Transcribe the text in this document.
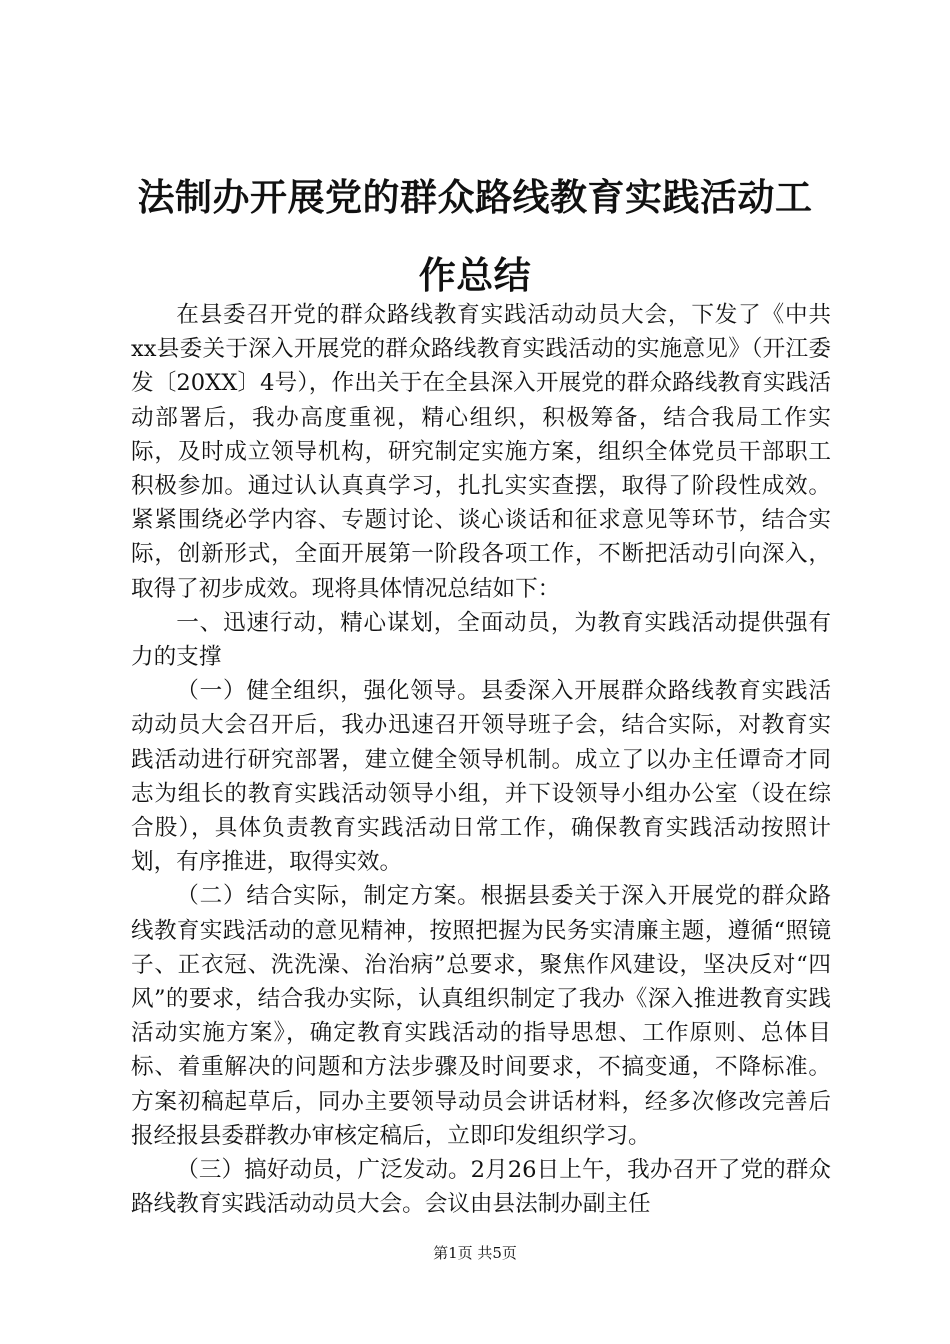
法制办开展党的群众路线教育实践活动工作总结

在县委召开党的群众路线教育实践活动动员大会，下发了《中共xx县委关于深入开展党的群众路线教育实践活动的实施意见》（开江委发〔20XX〕4号），作出关于在全县深入开展党的群众路线教育实践活动部署后，我办高度重视，精心组织，积极筹备，结合我局工作实际，及时成立领导机构，研究制定实施方案，组织全体党员干部职工积极参加。通过认认真真学习，扎扎实实查摆，取得了阶段性成效。紧紧围绕必学内容、专题讨论、谈心谈话和征求意见等环节，结合实际，创新形式，全面开展第一阶段各项工作，不断把活动引向深入，取得了初步成效。现将具体情况总结如下：

一、迅速行动，精心谋划，全面动员，为教育实践活动提供强有力的支撑

（一）健全组织，强化领导。县委深入开展群众路线教育实践活动动员大会召开后，我办迅速召开领导班子会，结合实际，对教育实践活动进行研究部署，建立健全领导机制。成立了以办主任谭奇才同志为组长的教育实践活动领导小组，并下设领导小组办公室（设在综合股），具体负责教育实践活动日常工作，确保教育实践活动按照计划，有序推进，取得实效。

（二）结合实际，制定方案。根据县委关于深入开展党的群众路线教育实践活动的意见精神，按照把握为民务实清廉主题，遵循“照镜子、正衣冠、洗洗澡、治治病”总要求，聚焦作风建设，坚决反对“四风”的要求，结合我办实际，认真组织制定了我办《深入推进教育实践活动实施方案》，确定教育实践活动的指导思想、工作原则、总体目标、着重解决的问题和方法步骤及时间要求，不搞变通，不降标准。方案初稿起草后，同办主要领导动员会讲话材料，经多次修改完善后报经报县委群教办审核定稿后，立即印发组织学习。

（三）搞好动员，广泛发动。2月26日上午，我办召开了党的群众路线教育实践活动动员大会。会议由县法制办副主任

第1页 共5页
